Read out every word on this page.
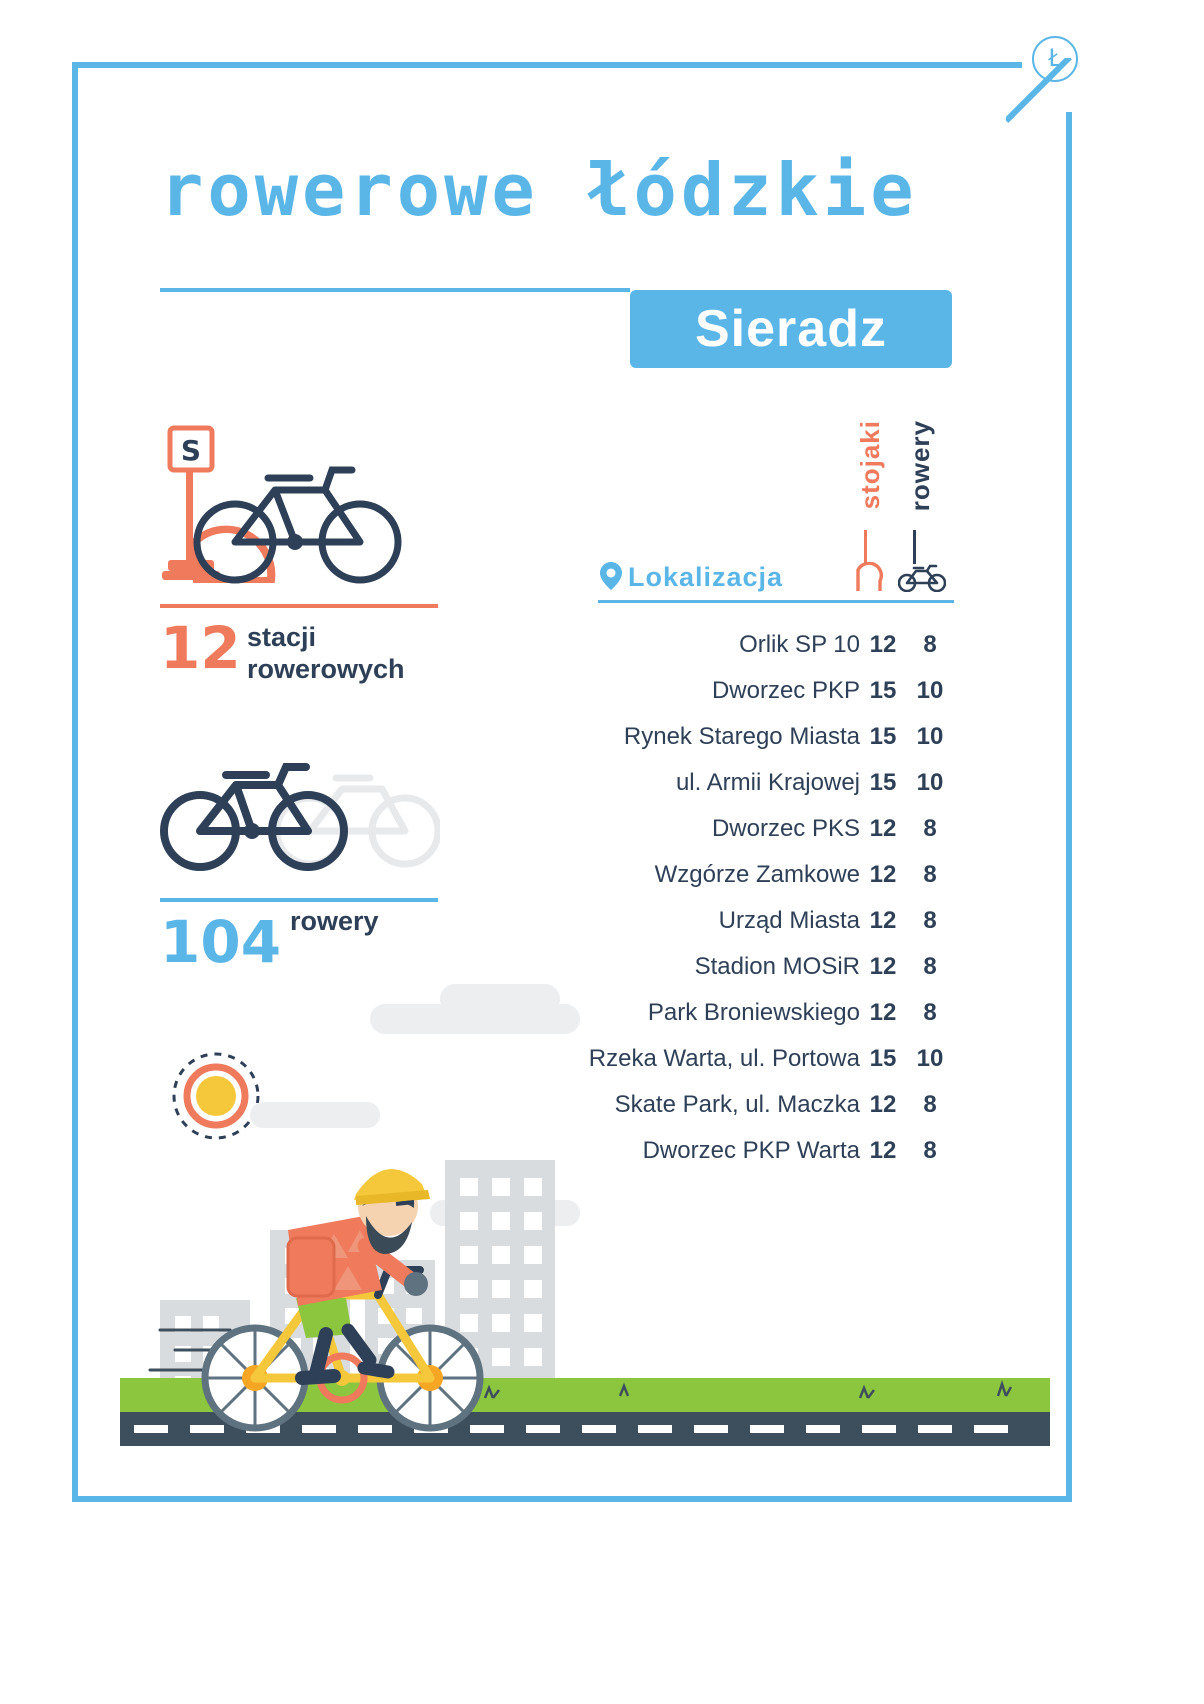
Ł
rowerowe łódzkie
Sieradz
S
12 stacji
rowerowych
104 rowery
stojaki rowery
Lokalizacja
Orlik SP 10	12	8
Dworzec PKP	15	10
Rynek Starego Miasta	15	10
ul. Armii Krajowej	15	10
Dworzec PKS	12	8
Wzgórze Zamkowe	12	8
Urząd Miasta	12	8
Stadion MOSiR	12	8
Park Broniewskiego	12	8
Rzeka Warta, ul. Portowa	15	10
Skate Park, ul. Maczka	12	8
Dworzec PKP Warta	12	8
